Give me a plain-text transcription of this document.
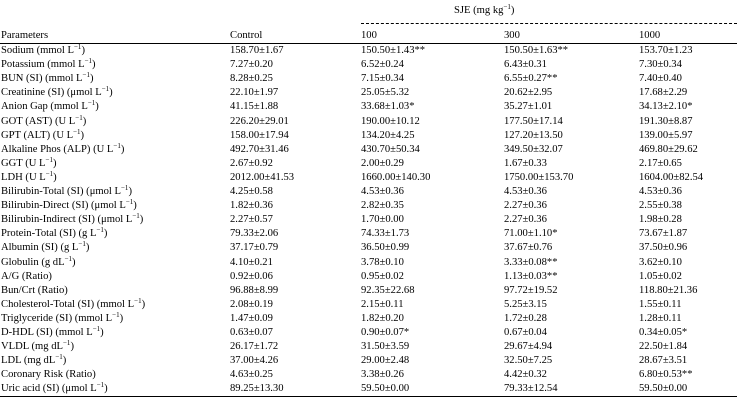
SJE (mg $kg^{-1}$)
Parameters	Control	100	300	1000
Sodium (mmol $L^{-1}$)	158.70±1.67	150.50±1.43**	150.50±1.63**	153.70±1.23
Potassium (mmol $L^{-1}$)	7.27±0.20	6.52±0.24	6.43±0.31	7.30±0.34
BUN (SI) (mmol $L^{-1}$)	8.28±0.25	7.15±0.34	6.55±0.27**	7.40±0.40
Creatinine (SI) (μmol $L^{-1}$)	22.10±1.97	25.05±5.32	20.62±2.95	17.68±2.29
Anion Gap (mmol $L^{-1}$)	41.15±1.88	33.68±1.03*	35.27±1.01	34.13±2.10*
GOT (AST) (U $L^{-1}$)	226.20±29.01	190.00±10.12	177.50±17.14	191.30±8.87
GPT (ALT) (U $L^{-1}$)	158.00±17.94	134.20±4.25	127.20±13.50	139.00±5.97
Alkaline Phos (ALP) (U $L^{-1}$)	492.70±31.46	430.70±50.34	349.50±32.07	469.80±29.62
GGT (U $L^{-1}$)	2.67±0.92	2.00±0.29	1.67±0.33	2.17±0.65
LDH (U $L^{-1}$)	2012.00±41.53	1660.00±140.30	1750.00±153.70	1604.00±82.54
Bilirubin-Total (SI) (μmol $L^{-1}$)	4.25±0.58	4.53±0.36	4.53±0.36	4.53±0.36
Bilirubin-Direct (SI) (μmol $L^{-1}$)	1.82±0.36	2.82±0.35	2.27±0.36	2.55±0.38
Bilirubin-Indirect (SI) (μmol $L^{-1}$)	2.27±0.57	1.70±0.00	2.27±0.36	1.98±0.28
Protein-Total (SI) (g $L^{-1}$)	79.33±2.06	74.33±1.73	71.00±1.10*	73.67±1.87
Albumin (SI) (g $L^{-1}$)	37.17±0.79	36.50±0.99	37.67±0.76	37.50±0.96
Globulin (g $dL^{-1}$)	4.10±0.21	3.78±0.10	3.33±0.08**	3.62±0.10
A/G (Ratio)	0.92±0.06	0.95±0.02	1.13±0.03**	1.05±0.02
Bun/Crt (Ratio)	96.88±8.99	92.35±22.68	97.72±19.52	118.80±21.36
Cholesterol-Total (SI) (mmol $L^{-1}$)	2.08±0.19	2.15±0.11	5.25±3.15	1.55±0.11
Triglyceride (SI) (mmol $L^{-1}$)	1.47±0.09	1.82±0.20	1.72±0.28	1.28±0.11
D-HDL (SI) (mmol $L^{-1}$)	0.63±0.07	0.90±0.07*	0.67±0.04	0.34±0.05*
VLDL (mg $dL^{-1}$)	26.17±1.72	31.50±3.59	29.67±4.94	22.50±1.84
LDL (mg $dL^{-1}$)	37.00±4.26	29.00±2.48	32.50±7.25	28.67±3.51
Coronary Risk (Ratio)	4.63±0.25	3.38±0.26	4.42±0.32	6.80±0.53**
Uric acid (SI) (μmol $L^{-1}$)	89.25±13.30	59.50±0.00	79.33±12.54	59.50±0.00
